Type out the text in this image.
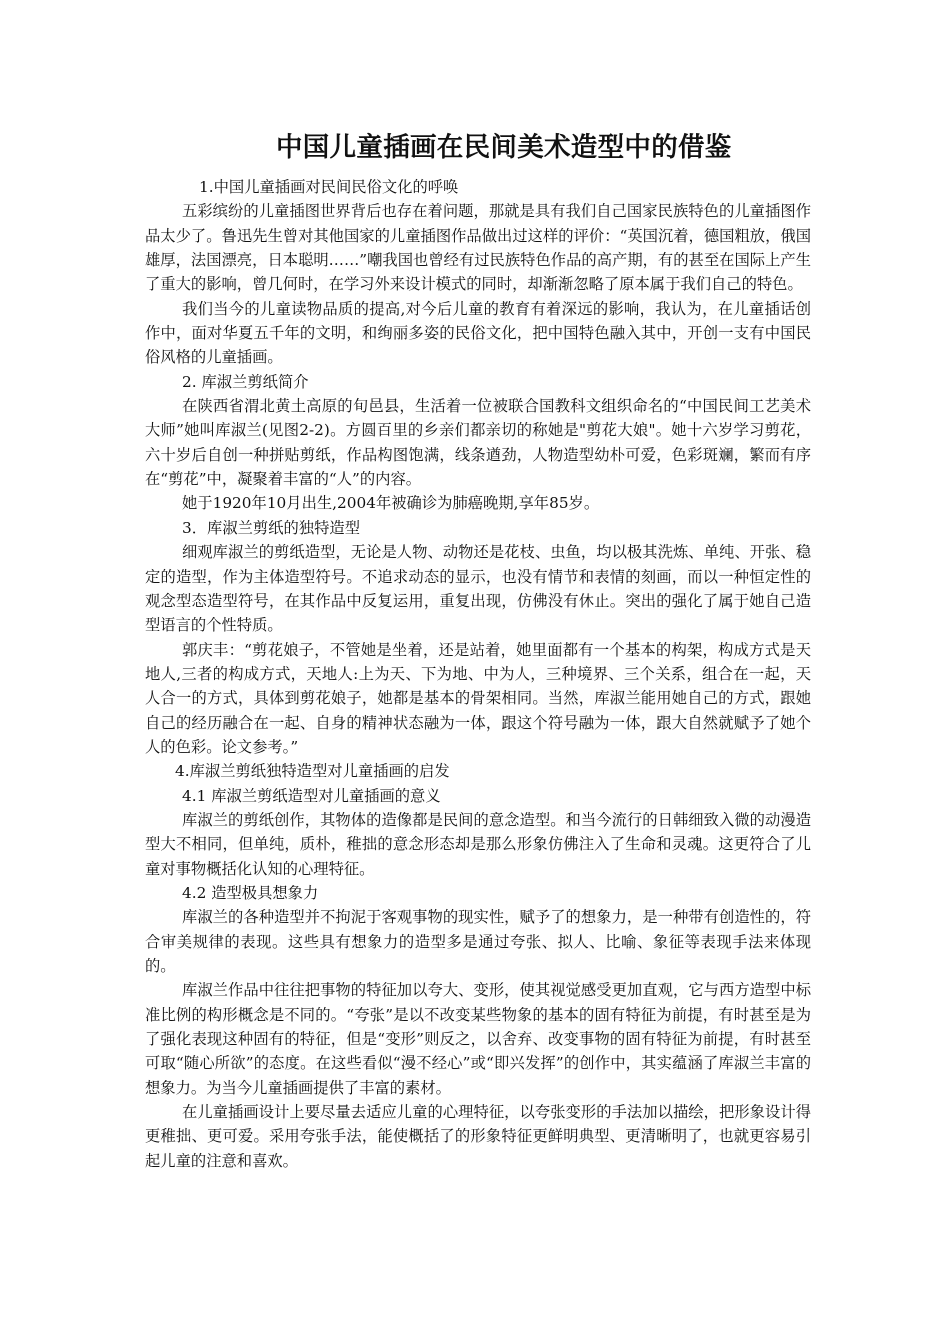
中国儿童插画在民间美术造型中的借鉴

1.中国儿童插画对民间民俗文化的呼唤

五彩缤纷的儿童插图世界背后也存在着问题，那就是具有我们自己国家民族特色的儿童插图作品太少了。鲁迅先生曾对其他国家的儿童插图作品做出过这样的评价：“英国沉着，德国粗放，俄国雄厚，法国漂亮，日本聪明……”嘲我国也曾经有过民族特色作品的高产期，有的甚至在国际上产生了重大的影响，曾几何时，在学习外来设计模式的同时，却渐渐忽略了原本属于我们自己的特色。

我们当今的儿童读物品质的提高,对今后儿童的教育有着深远的影响，我认为，在儿童插话创作中，面对华夏五千年的文明，和绚丽多姿的民俗文化，把中国特色融入其中，开创一支有中国民俗风格的儿童插画。

2. 库淑兰剪纸简介

在陕西省渭北黄土高原的旬邑县，生活着一位被联合国教科文组织命名的“中国民间工艺美术大师”她叫库淑兰(见图2-2)。方圆百里的乡亲们都亲切的称她是"剪花大娘"。她十六岁学习剪花，六十岁后自创一种拼贴剪纸，作品构图饱满，线条遒劲，人物造型幼朴可爱，色彩斑斓，繁而有序在“剪花”中，凝聚着丰富的“人”的内容。

她于1920年10月出生,2004年被确诊为肺癌晚期,享年85岁。

3．库淑兰剪纸的独特造型

细观库淑兰的剪纸造型，无论是人物、动物还是花枝、虫鱼，均以极其洗炼、单纯、开张、稳定的造型，作为主体造型符号。不追求动态的显示，也没有情节和表情的刻画，而以一种恒定性的观念型态造型符号，在其作品中反复运用，重复出现，仿佛没有休止。突出的强化了属于她自己造型语言的个性特质。

郭庆丰：“剪花娘子，不管她是坐着，还是站着，她里面都有一个基本的构架，构成方式是天地人,三者的构成方式，天地人:上为天、下为地、中为人，三种境界、三个关系，组合在一起，天人合一的方式，具体到剪花娘子，她都是基本的骨架相同。当然，库淑兰能用她自己的方式，跟她自己的经历融合在一起、自身的精神状态融为一体，跟这个符号融为一体，跟大自然就赋予了她个人的色彩。论文参考。”

4.库淑兰剪纸独特造型对儿童插画的启发

4.1 库淑兰剪纸造型对儿童插画的意义

库淑兰的剪纸创作，其物体的造像都是民间的意念造型。和当今流行的日韩细致入微的动漫造型大不相同，但单纯，质朴，稚拙的意念形态却是那么形象仿佛注入了生命和灵魂。这更符合了儿童对事物概括化认知的心理特征。

4.2 造型极具想象力

库淑兰的各种造型并不拘泥于客观事物的现实性，赋予了的想象力，是一种带有创造性的，符合审美规律的表现。这些具有想象力的造型多是通过夸张、拟人、比喻、象征等表现手法来体现的。

库淑兰作品中往往把事物的特征加以夸大、变形，使其视觉感受更加直观，它与西方造型中标准比例的构形概念是不同的。“夸张”是以不改变某些物象的基本的固有特征为前提，有时甚至是为了强化表现这种固有的特征，但是“变形”则反之，以舍弃、改变事物的固有特征为前提，有时甚至可取“随心所欲”的态度。在这些看似“漫不经心”或“即兴发挥”的创作中，其实蕴涵了库淑兰丰富的想象力。为当今儿童插画提供了丰富的素材。

在儿童插画设计上要尽量去适应儿童的心理特征，以夸张变形的手法加以描绘，把形象设计得更稚拙、更可爱。采用夸张手法，能使概括了的形象特征更鲜明典型、更清晰明了，也就更容易引起儿童的注意和喜欢。
